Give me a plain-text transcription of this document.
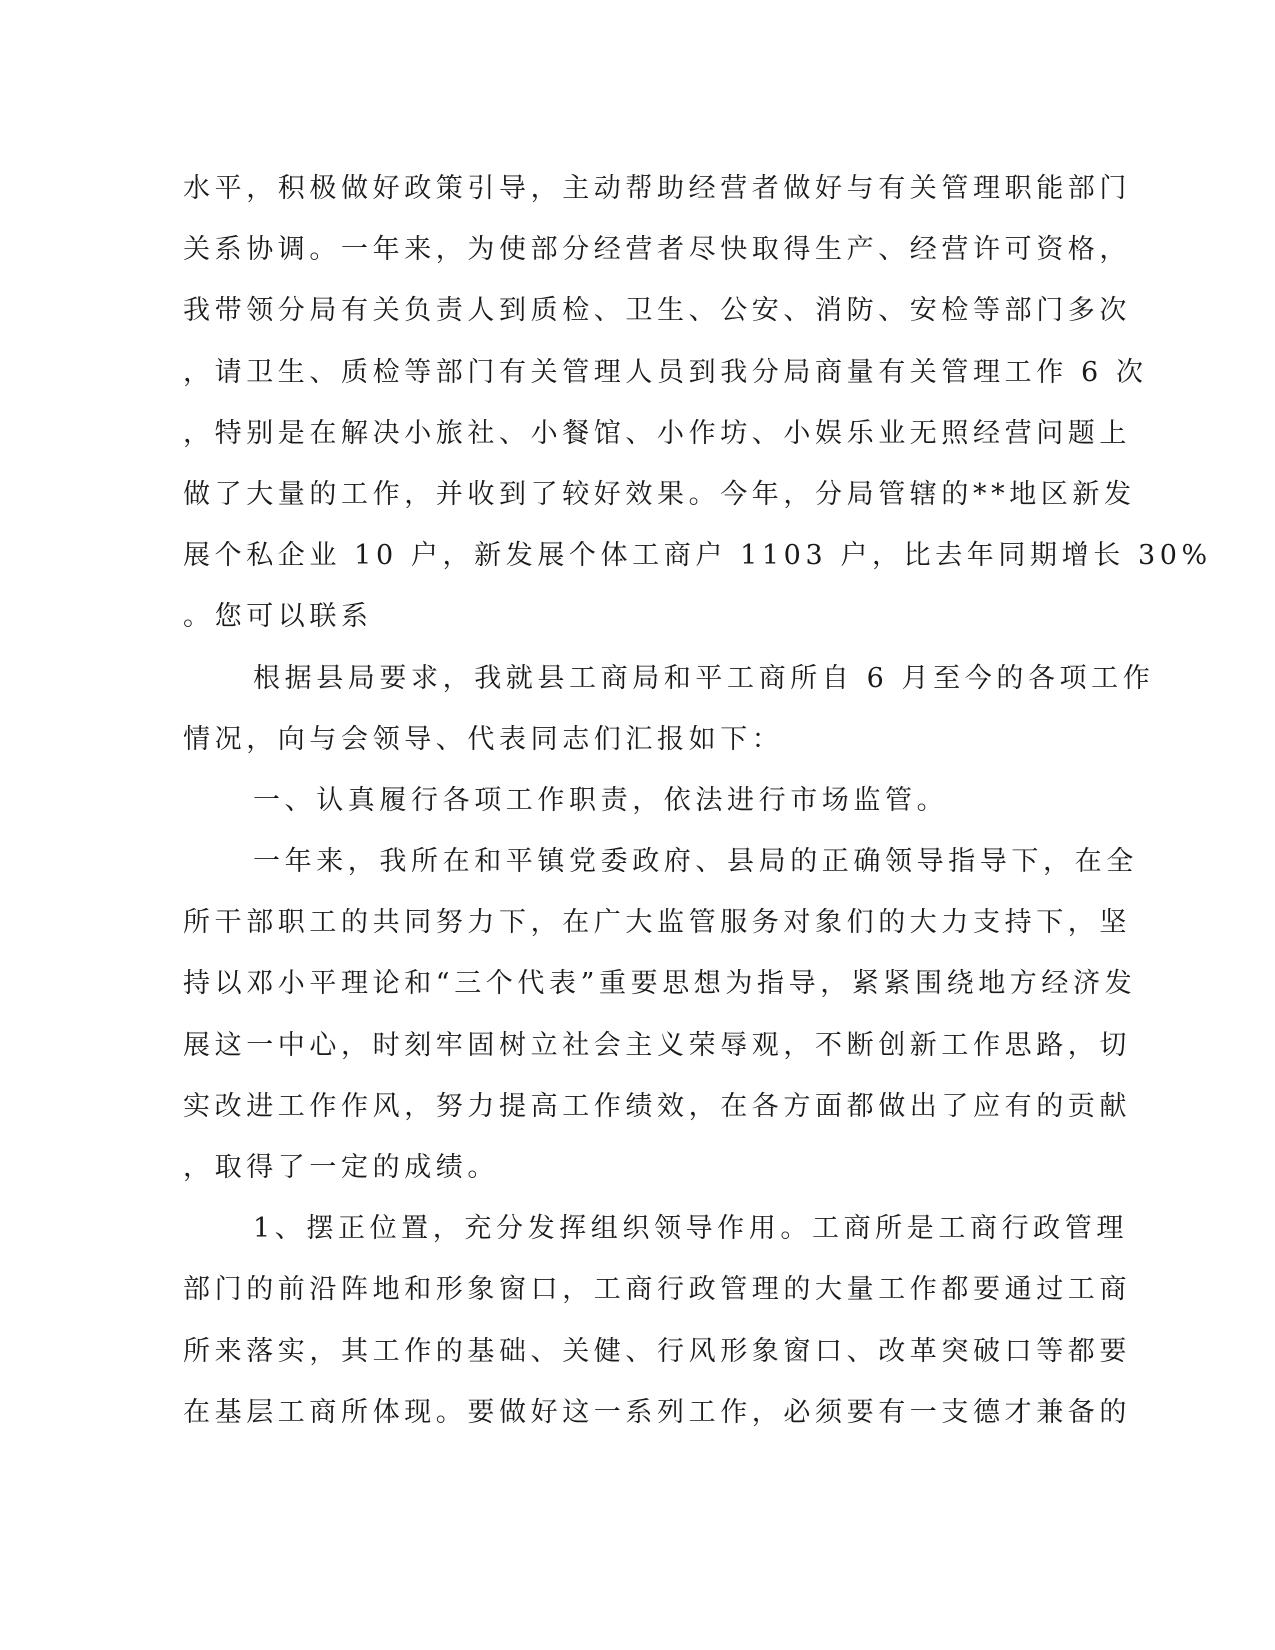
水平，积极做好政策引导，主动帮助经营者做好与有关管理职能部门
关系协调。一年来，为使部分经营者尽快取得生产、经营许可资格，
我带领分局有关负责人到质检、卫生、公安、消防、安检等部门多次
，请卫生、质检等部门有关管理人员到我分局商量有关管理工作 6 次
，特别是在解决小旅社、小餐馆、小作坊、小娱乐业无照经营问题上
做了大量的工作，并收到了较好效果。今年，分局管辖的**地区新发
展个私企业 10 户，新发展个体工商户 1103 户，比去年同期增长 30%
。您可以联系
根据县局要求，我就县工商局和平工商所自 6 月至今的各项工作
情况，向与会领导、代表同志们汇报如下：
一、认真履行各项工作职责，依法进行市场监管。
一年来，我所在和平镇党委政府、县局的正确领导指导下，在全
所干部职工的共同努力下，在广大监管服务对象们的大力支持下，坚
持以邓小平理论和“三个代表”重要思想为指导，紧紧围绕地方经济发
展这一中心，时刻牢固树立社会主义荣辱观，不断创新工作思路，切
实改进工作作风，努力提高工作绩效，在各方面都做出了应有的贡献
，取得了一定的成绩。
1、摆正位置，充分发挥组织领导作用。工商所是工商行政管理
部门的前沿阵地和形象窗口，工商行政管理的大量工作都要通过工商
所来落实，其工作的基础、关健、行风形象窗口、改革突破口等都要
在基层工商所体现。要做好这一系列工作，必须要有一支德才兼备的
